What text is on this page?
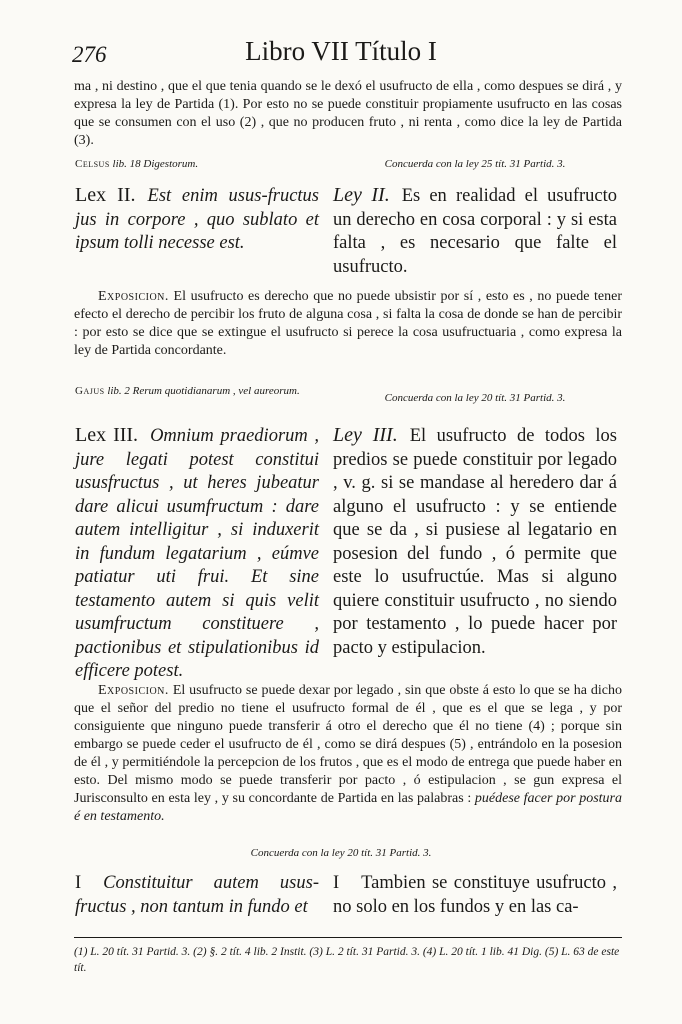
276	Libro VII Título I

ma , ni destino , que el que tenia quando se le dexó el usufructo de ella , como despues se dirá , y expresa la ley de Partida (1). Por esto no se puede constituir propiamente usufructo en las cosas que se consumen con el uso (2) , que no producen fruto , ni renta , como dice la ley de Partida (3).

Celsus lib. 18 Digestorum.	Concuerda con la ley 25 tít. 31 Partid. 3.
Lex II. Est enim usus-fructus jus in corpore , quo sublato et ipsum tolli necesse est.
Ley II. Es en realidad el usufructo un derecho en cosa corporal : y si esta falta , es necesario que falte el usufructo.

Exposicion. El usufructo es derecho que no puede ubsistir por sí , esto es , no puede tener efecto el derecho de percibir los fruto de alguna cosa , si falta la cosa de donde se han de percibir : por esto se dice que se extingue el usufructo si perece la cosa usufructuaria , como expresa la ley de Partida concordante.

Gajus lib. 2 Rerum quotidianarum , vel aureorum.
Concuerda con la ley 20 tít. 31 Partid. 3.
Lex III. Omnium praediorum , jure legati potest constitui ususfructus , ut heres jubeatur dare alicui usumfructum : dare autem intelligitur , si induxerit in fundum legatarium , eúmve patiatur uti frui. Et sine testamento autem si quis velit usumfructum constituere , pactionibus et stipulationibus id efficere potest.
Ley III. El usufructo de todos los predios se puede constituir por legado , v. g. si se mandase al heredero dar á alguno el usufructo : y se entiende que se da , si pusiese al legatario en posesion del fundo , ó permite que este lo usufructúe. Mas si alguno quiere constituir usufructo , no siendo por testamento , lo puede hacer por pacto y estipulacion.

Exposicion. El usufructo se puede dexar por legado , sin que obste á esto lo que se ha dicho que el señor del predio no tiene el usufructo formal de él , que es el que se lega , y por consiguiente que ninguno puede transferir á otro el derecho que él no tiene (4) ; porque sin embargo se puede ceder el usufructo de él , como se dirá despues (5) , entrándolo en la posesion de él , y permitiéndole la percepcion de los frutos , que es el modo de entrega que puede haber en esto. Del mismo modo se puede transferir por pacto , ó estipulacion , se gun expresa el Jurisconsulto en esta ley , y su concordante de Partida en las palabras : puédese facer por postura é en testamento.

Concuerda con la ley 20 tít. 31 Partid. 3.
I Constituitur autem usus-fructus , non tantum in fundo et
I Tambien se constituye usufructo , no solo en los fundos y en las ca-
(1) L. 20 tít. 31 Partid. 3. (2) §. 2 tít. 4 lib. 2 Instit. (3) L. 2 tít. 31 Partid. 3. (4) L. 20 tít. 1 lib. 41 Dig. (5) L. 63 de este tít.
